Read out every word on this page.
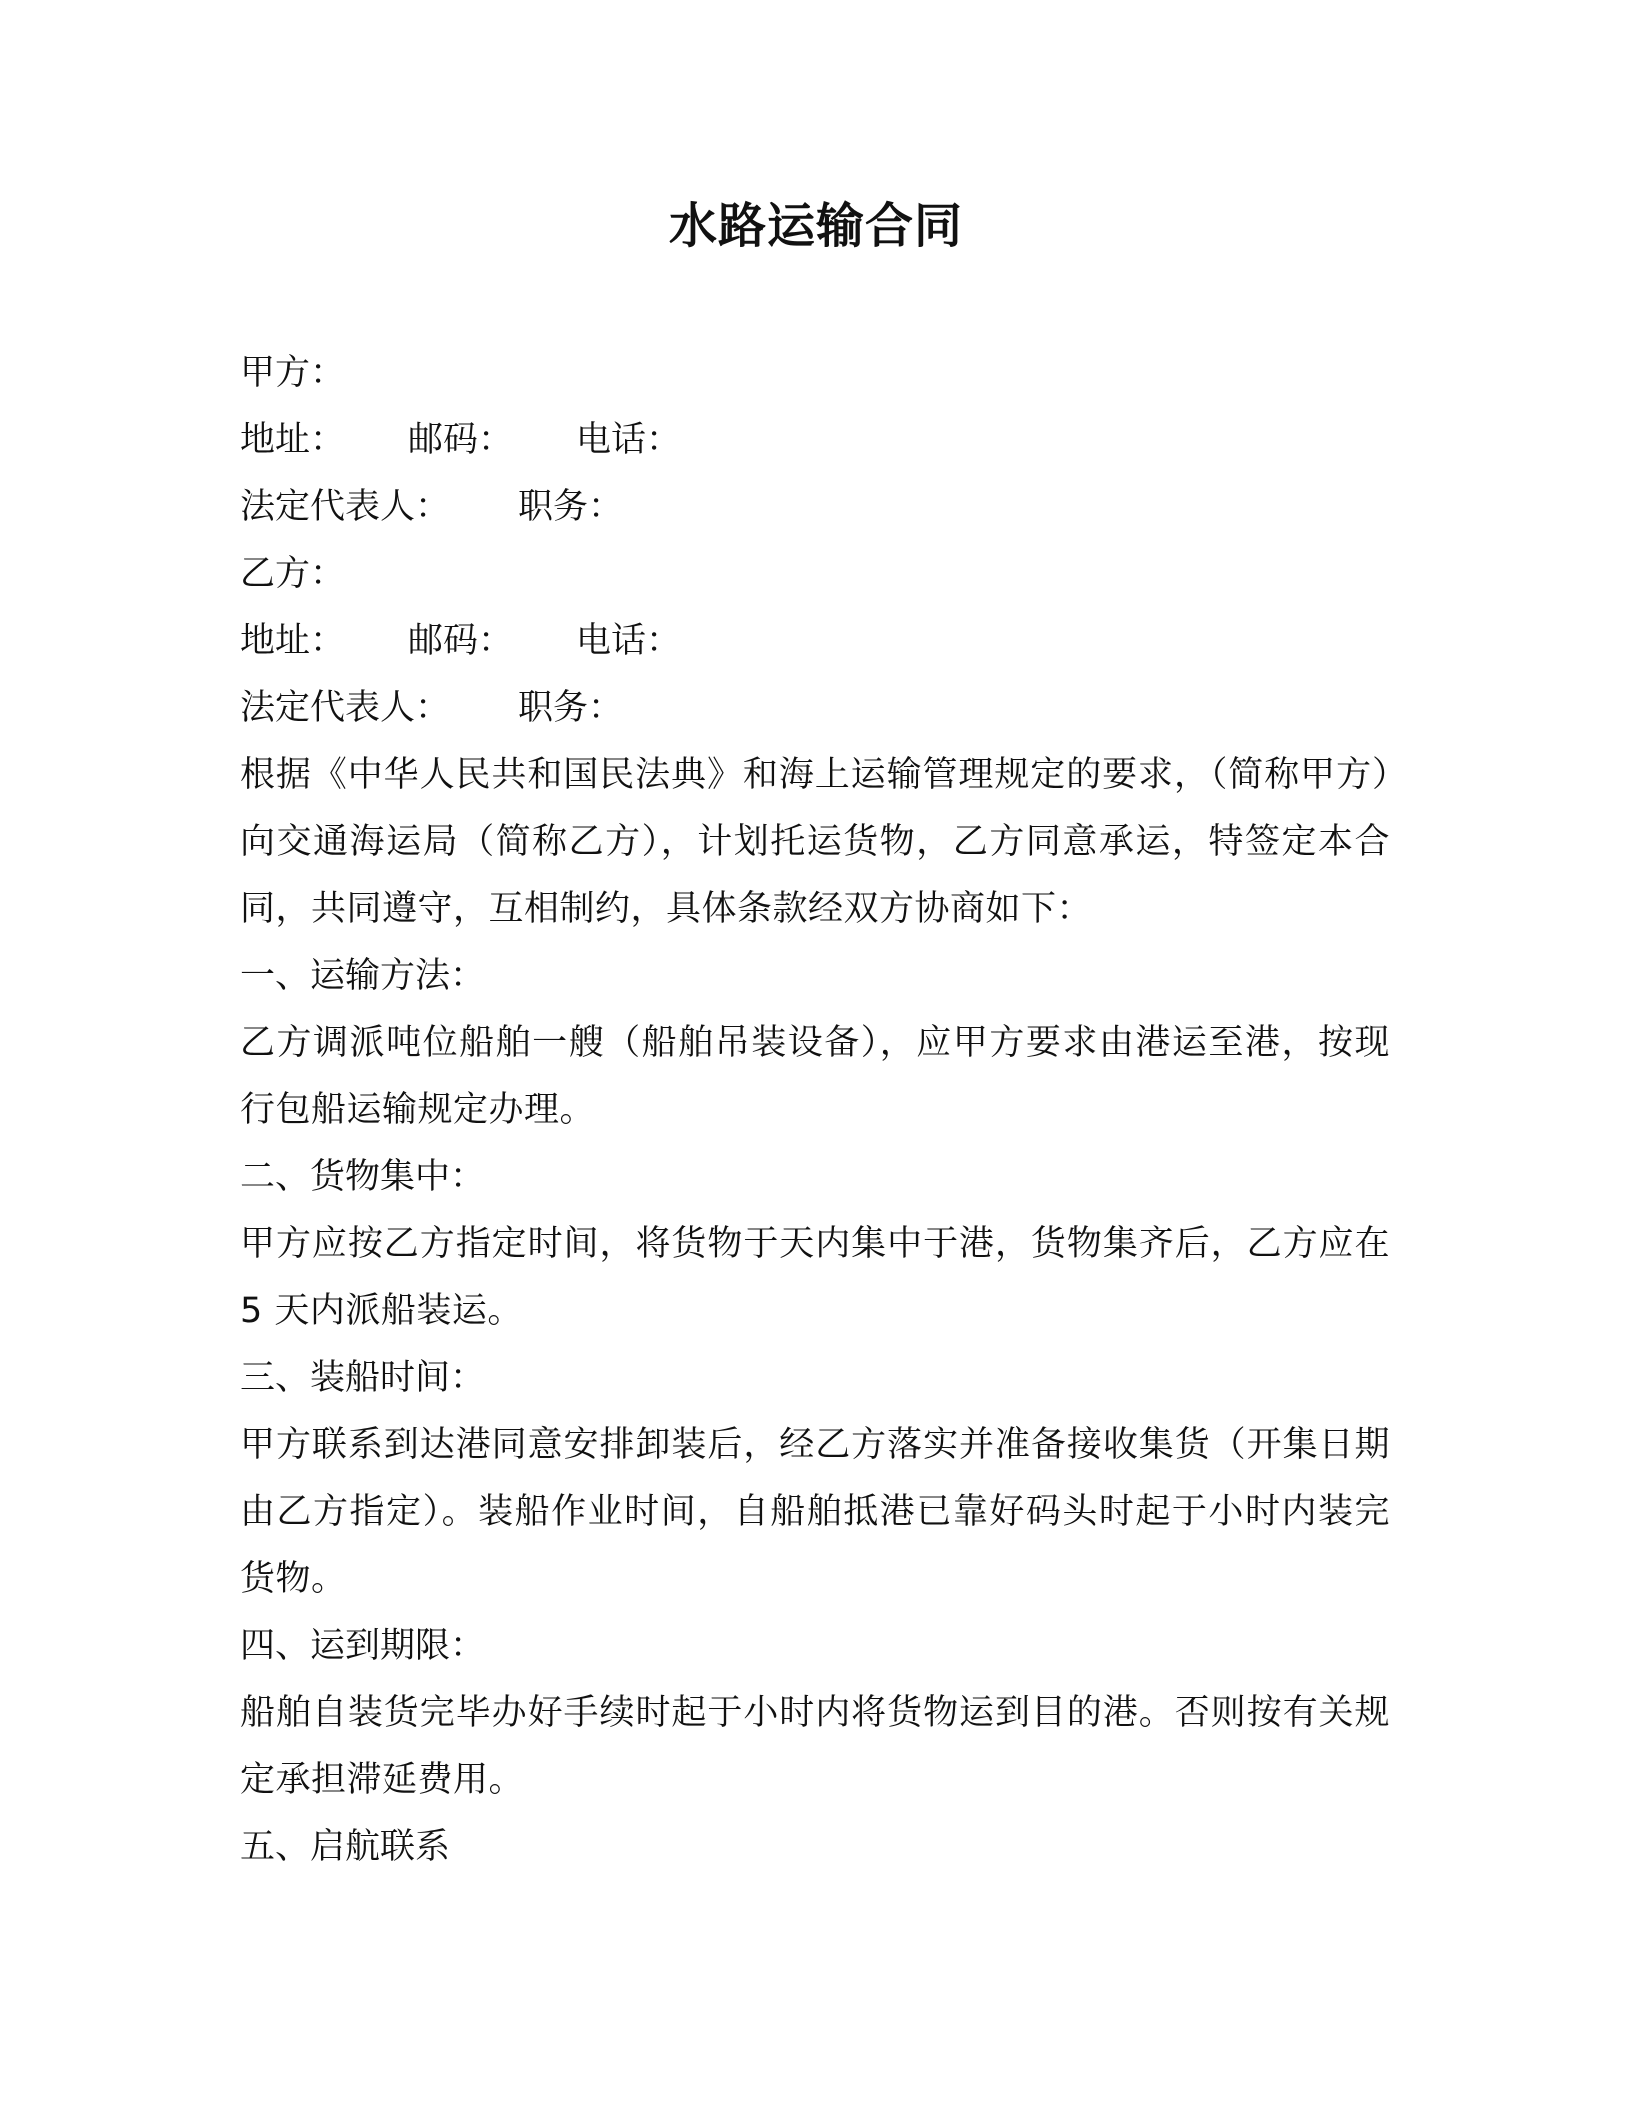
水路运输合同

甲方：

地址： 邮码： 电话：

法定代表人： 职务：

乙方：

地址： 邮码： 电话：

法定代表人： 职务：

根据《中华人民共和国民法典》和海上运输管理规定的要求，（简称甲方）向交通海运局（简称乙方），计划托运货物，乙方同意承运，特签定本合同，共同遵守，互相制约，具体条款经双方协商如下：

一、运输方法：

乙方调派吨位船舶一艘（船舶吊装设备），应甲方要求由港运至港，按现行包船运输规定办理。

二、货物集中：

甲方应按乙方指定时间，将货物于天内集中于港，货物集齐后，乙方应在 5 天内派船装运。

三、装船时间：

甲方联系到达港同意安排卸装后，经乙方落实并准备接收集货（开集日期由乙方指定）。装船作业时间，自船舶抵港已靠好码头时起于小时内装完货物。

四、运到期限：

船舶自装货完毕办好手续时起于小时内将货物运到目的港。否则按有关规定承担滞延费用。

五、启航联系
